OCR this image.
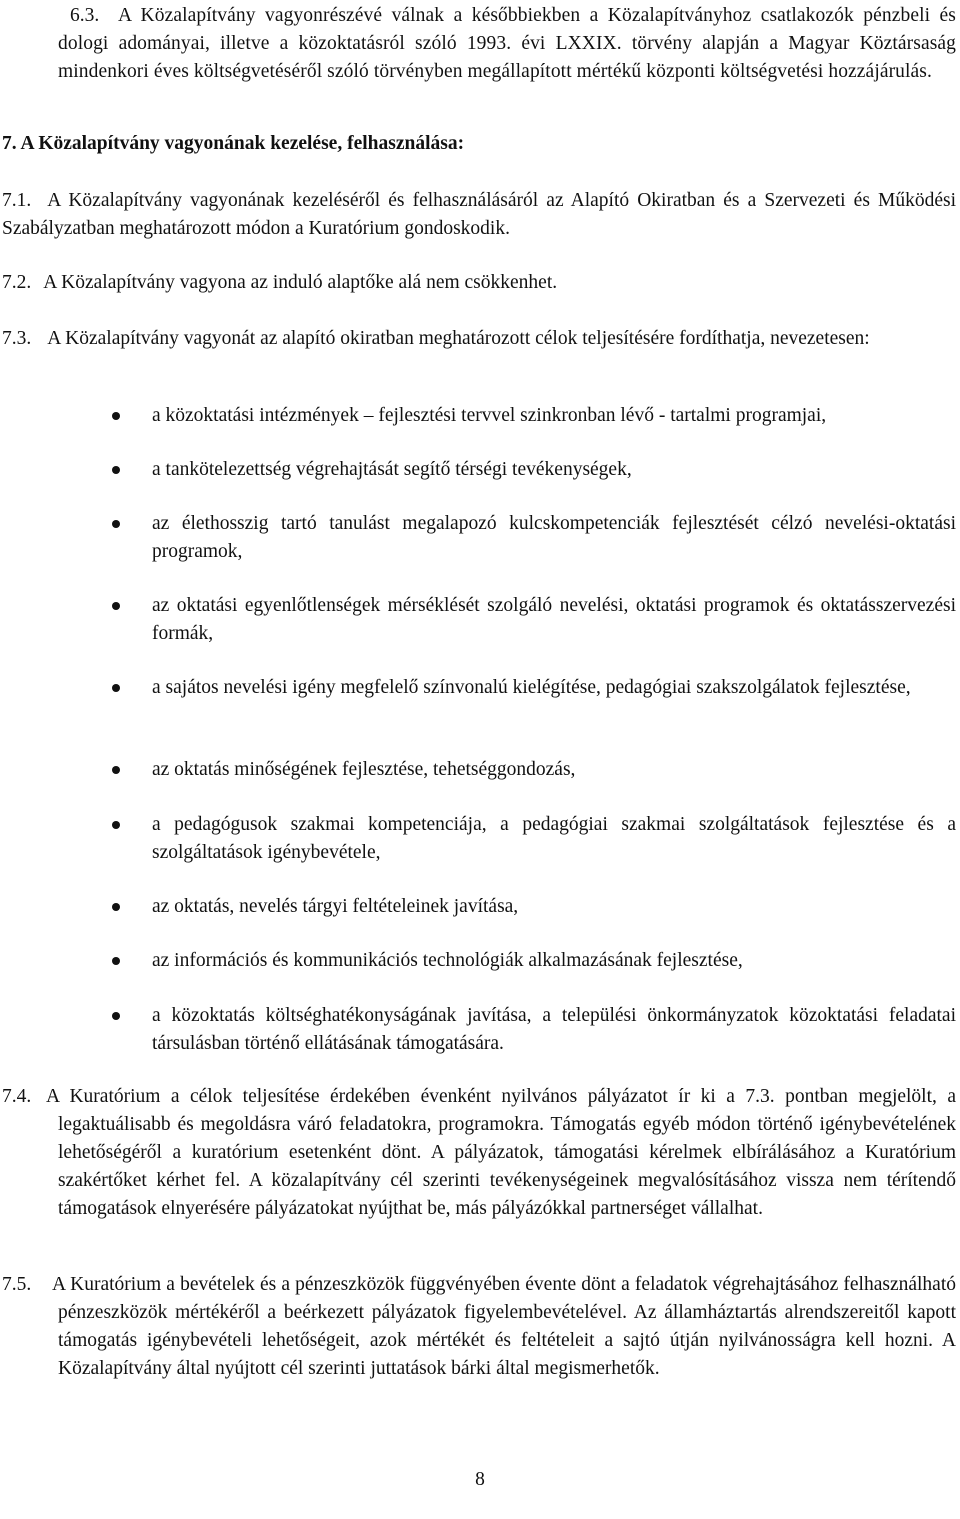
6.3. A Közalapítvány vagyonrészévé válnak a későbbiekben a Közalapítványhoz csatlakozók pénzbeli és dologi adományai, illetve a közoktatásról szóló 1993. évi LXXIX. törvény alapján a Magyar Köztársaság mindenkori éves költségvetéséről szóló törvényben megállapított mértékű központi költségvetési hozzájárulás.

7. A Közalapítvány vagyonának kezelése, felhasználása:

7.1. A Közalapítvány vagyonának kezeléséről és felhasználásáról az Alapító Okiratban és a Szervezeti és Működési Szabályzatban meghatározott módon a Kuratórium gondoskodik.

7.2. A Közalapítvány vagyona az induló alaptőke alá nem csökkenhet.

7.3. A Közalapítvány vagyonát az alapító okiratban meghatározott célok teljesítésére fordíthatja, nevezetesen:

a közoktatási intézmények – fejlesztési tervvel szinkronban lévő - tartalmi programjai,

a tankötelezettség végrehajtását segítő térségi tevékenységek,

az élethosszig tartó tanulást megalapozó kulcskompetenciák fejlesztését célzó nevelési-oktatási programok,

az oktatási egyenlőtlenségek mérséklését szolgáló nevelési, oktatási programok és oktatásszervezési formák,

a sajátos nevelési igény megfelelő színvonalú kielégítése, pedagógiai szakszolgálatok fejlesztése,

az oktatás minőségének fejlesztése, tehetséggondozás,

a pedagógusok szakmai kompetenciája, a pedagógiai szakmai szolgáltatások fejlesztése és a szolgáltatások igénybevétele,

az oktatás, nevelés tárgyi feltételeinek javítása,

az információs és kommunikációs technológiák alkalmazásának fejlesztése,

a közoktatás költséghatékonyságának javítása, a települési önkormányzatok közoktatási feladatai társulásban történő ellátásának támogatására.

7.4. A Kuratórium a célok teljesítése érdekében évenként nyilvános pályázatot ír ki a 7.3. pontban megjelölt, a legaktuálisabb és megoldásra váró feladatokra, programokra. Támogatás egyéb módon történő igénybevételének lehetőségéről a kuratórium esetenként dönt. A pályázatok, támogatási kérelmek elbírálásához a Kuratórium szakértőket kérhet fel. A közalapítvány cél szerinti tevékenységeinek megvalósításához vissza nem térítendő támogatások elnyerésére pályázatokat nyújthat be, más pályázókkal partnerséget vállalhat.

7.5.	A Kuratórium a bevételek és a pénzeszközök függvényében évente dönt a feladatok végrehajtásához felhasználható pénzeszközök mértékéről a beérkezett pályázatok figyelembevételével. Az államháztartás alrendszereitől kapott támogatás igénybevételi lehetőségeit, azok mértékét és feltételeit a sajtó útján nyilvánosságra kell hozni. A Közalapítvány által nyújtott cél szerinti juttatások bárki által megismerhetők.

8
